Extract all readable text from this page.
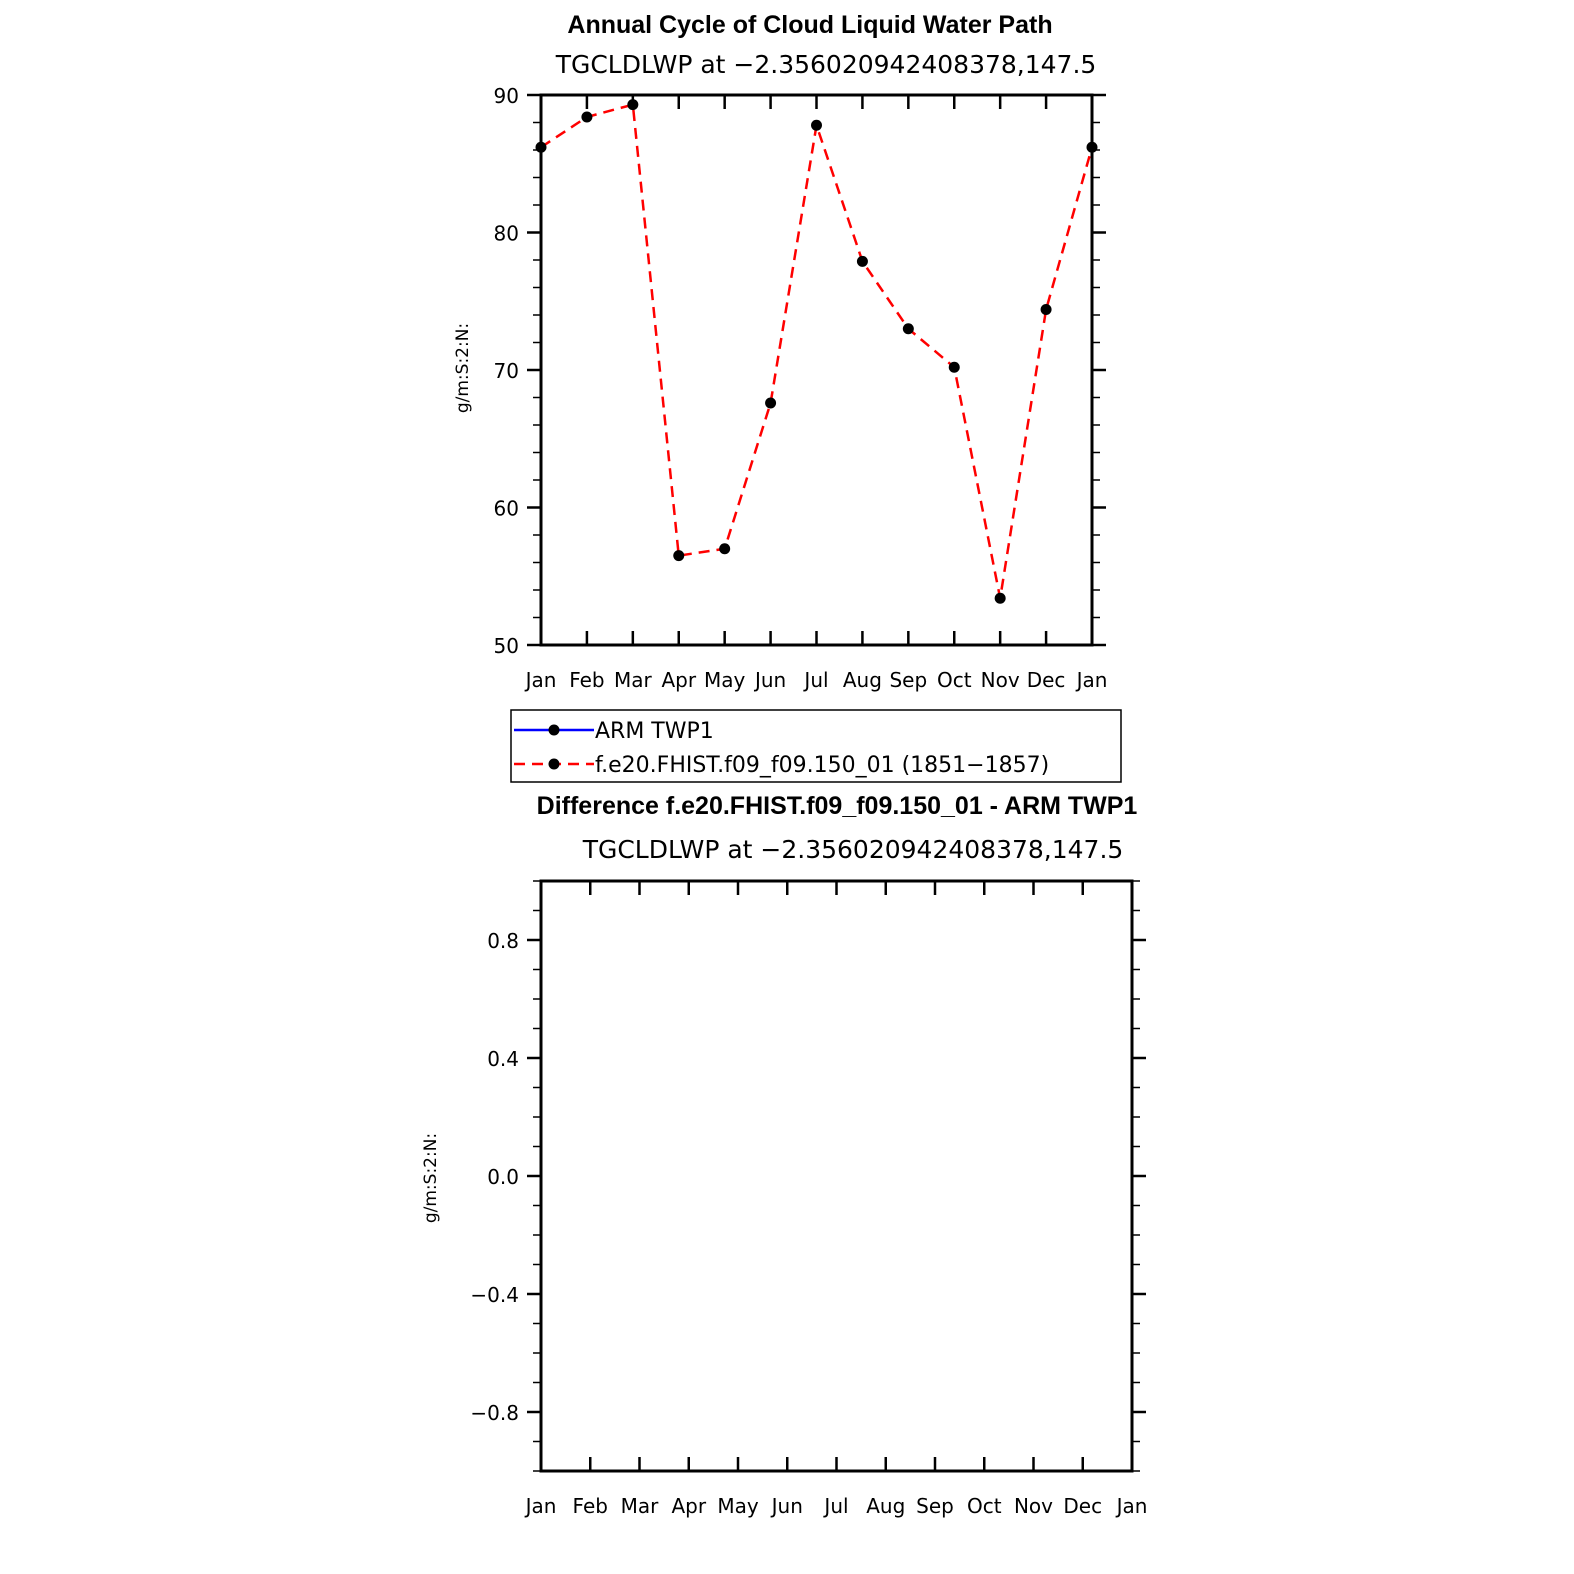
Annual Cycle of Cloud Liquid Water Path
TGCLDLWP at −2.356020942408378,147.5
g/m:S:2:N:
Jan Feb Mar Apr May Jun Jul Aug Sep Oct Nov Dec Jan
50
60
70
80
90
ARM TWP1
f.e20.FHIST.f09_f09.150_01 (1851−1857)
Difference f.e20.FHIST.f09_f09.150_01 - ARM TWP1
TGCLDLWP at −2.356020942408378,147.5
g/m:S:2:N:
Jan Feb Mar Apr May Jun Jul Aug Sep Oct Nov Dec Jan
−0.8
−0.4
0.0
0.4
0.8
